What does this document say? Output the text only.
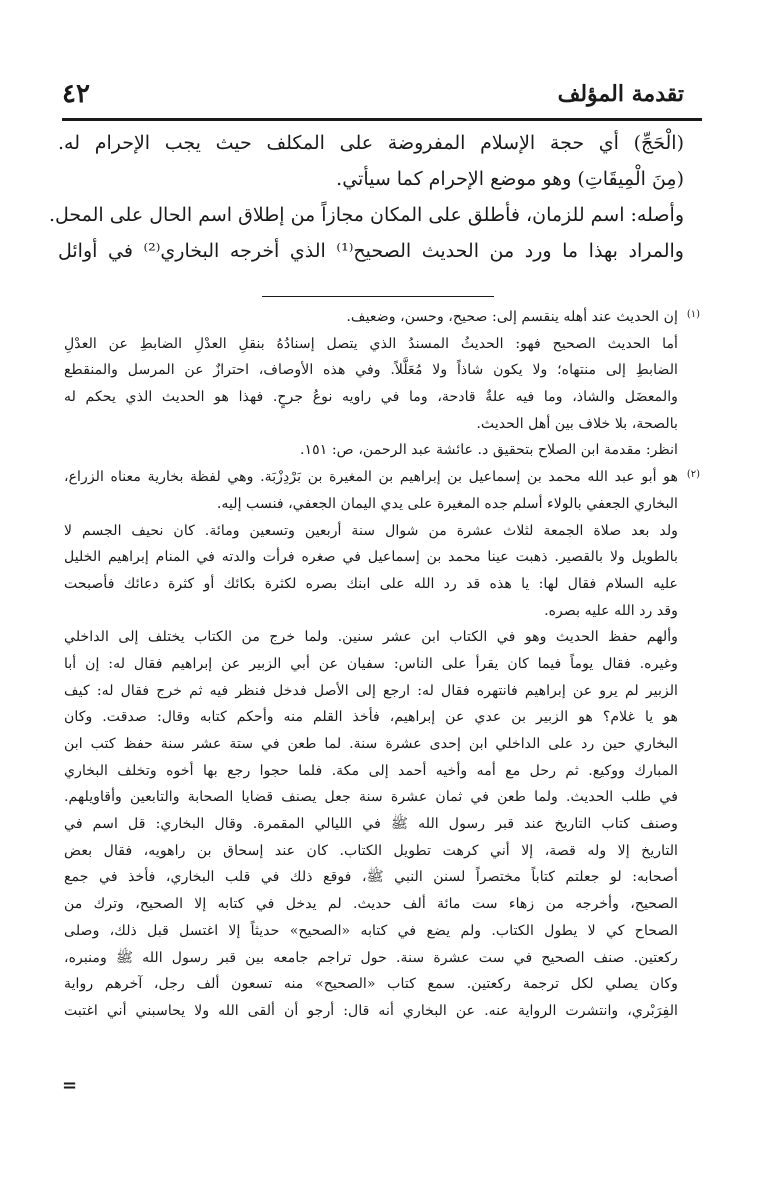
تقدمة المؤلف
٤٢
(الْحَجِّ) أي حجة الإسلام المفروضة على المكلف حيث يجب الإحرام له.
(مِنَ الْمِيقَاتِ) وهو موضع الإحرام كما سيأتي.
وأصله: اسم للزمان، فأطلق على المكان مجازاً من إطلاق اسم الحال على المحل.
والمراد بهذا ما ورد من الحديث الصحيح⁽¹⁾ الذي أخرجه البخاري⁽²⁾ في أوائل
(١)
إن الحديث عند أهله ينقسم إلى: صحيح، وحسن، وضعيف.
أما الحديث الصحيح فهو: الحديثُ المسندُ الذي يتصل إسنادُهُ بنقلِ العدْلِ الضابطِ عن العدْلِ
الضابطِ إلى منتهاه؛ ولا يكون شاذاً ولا مُعَلَّلاً. وفي هذه الأوصاف، احترازٌ عن المرسل والمنقطع
والمعضَل والشاذ، وما فيه علةٌ قادحة، وما في راويه نوعُ جرحٍ. فهذا هو الحديث الذي يحكم له
بالصحة، بلا خلاف بين أهل الحديث.
انظر: مقدمة ابن الصلاح بتحقيق د. عائشة عبد الرحمن، ص: ١٥١.
(٢)
هو أبو عبد الله محمد بن إسماعيل بن إبراهيم بن المغيرة بن بَرْدِزْبَة. وهي لفظة بخارية معناه الزراع،
البخاري الجعفي بالولاء أسلم جده المغيرة على يدي اليمان الجعفي، فنسب إليه.
ولد بعد صلاة الجمعة لثلاث عشرة من شوال سنة أربعين وتسعين ومائة. كان نحيف الجسم لا
بالطويل ولا بالقصير. ذهبت عينا محمد بن إسماعيل في صغره فرأت والدته في المنام إبراهيم الخليل
عليه السلام فقال لها: يا هذه قد رد الله على ابنك بصره لكثرة بكائك أو كثرة دعائك فأصبحت
وقد رد الله عليه بصره.
وألهم حفظ الحديث وهو في الكتاب ابن عشر سنين. ولما خرج من الكتاب يختلف إلى الداخلي
وغيره. فقال يوماً فيما كان يقرأ على الناس: سفيان عن أبي الزبير عن إبراهيم فقال له: إن أبا
الزبير لم يرو عن إبراهيم فانتهره فقال له: ارجع إلى الأصل فدخل فنظر فيه ثم خرج فقال له: كيف
هو يا غلام؟ هو الزبير بن عدي عن إبراهيم، فأخذ القلم منه وأحكم كتابه وقال: صدقت. وكان
البخاري حين رد على الداخلي ابن إحدى عشرة سنة. لما طعن في ستة عشر سنة حفظ كتب ابن
المبارك ووكيع. ثم رحل مع أمه وأخيه أحمد إلى مكة. فلما حجوا رجع بها أخوه وتخلف البخاري
في طلب الحديث. ولما طعن في ثمان عشرة سنة جعل يصنف قضايا الصحابة والتابعين وأقاويلهم.
وصنف كتاب التاريخ عند قبر رسول الله ﷺ في الليالي المقمرة. وقال البخاري: قل اسم في
التاريخ إلا وله قصة، إلا أني كرهت تطويل الكتاب. كان عند إسحاق بن راهويه، فقال بعض
أصحابه: لو جعلتم كتاباً مختصراً لسنن النبي ﷺ، فوقع ذلك في قلب البخاري، فأخذ في جمع
الصحيح، وأخرجه من زهاء ست مائة ألف حديث. لم يدخل في كتابه إلا الصحيح، وترك من
الصحاح كي لا يطول الكتاب. ولم يضع في كتابه «الصحيح» حديثاً إلا اغتسل قبل ذلك، وصلى
ركعتين. صنف الصحيح في ست عشرة سنة. حول تراجم جامعه بين قبر رسول الله ﷺ ومنبره،
وكان يصلي لكل ترجمة ركعتين. سمع كتاب «الصحيح» منه تسعون ألف رجل، آخرهم رواية
الفِرَبْري، وانتشرت الرواية عنه. عن البخاري أنه قال: أرجو أن ألقى الله ولا يحاسبني أني اغتبت
=
